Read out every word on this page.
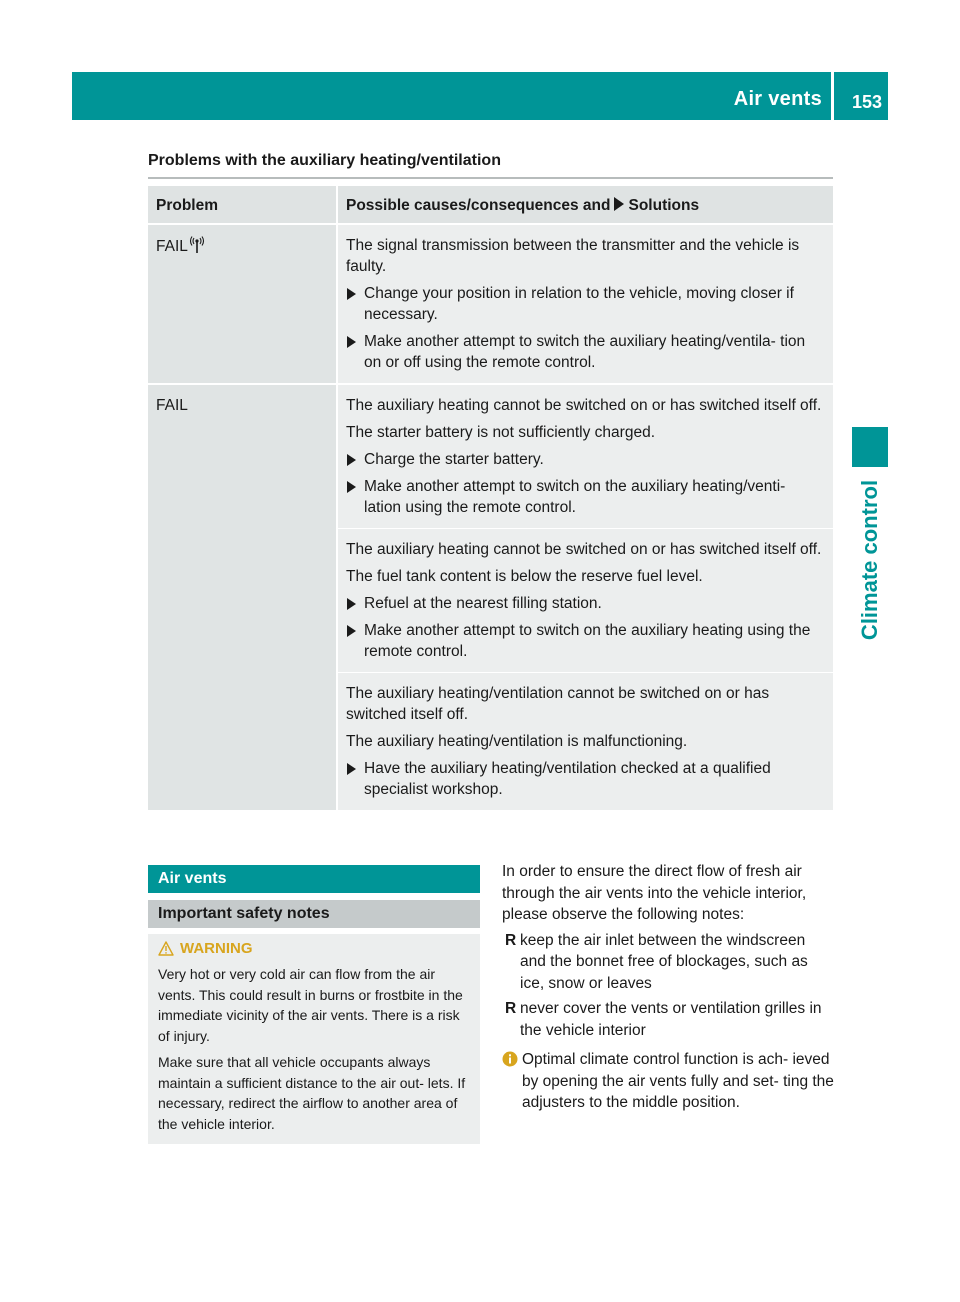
Air vents 153
Climate control
Problems with the auxiliary heating/ventilation
Problem	Possible causes/consequences and Solutions
FAIL	The signal transmission between the transmitter and the vehicle is faulty.

Change your position in relation to the vehicle, moving closer if necessary.
Make another attempt to switch the auxiliary heating/ventila- tion on or off using the remote control.

FAIL	The auxiliary heating cannot be switched on or has switched itself off.

The starter battery is not sufficiently charged.

Charge the starter battery.
Make another attempt to switch on the auxiliary heating/venti- lation using the remote control.

	The auxiliary heating cannot be switched on or has switched itself off.

The fuel tank content is below the reserve fuel level.

Refuel at the nearest filling station.
Make another attempt to switch on the auxiliary heating using the remote control.

	The auxiliary heating/ventilation cannot be switched on or has switched itself off.

The auxiliary heating/ventilation is malfunctioning.

Have the auxiliary heating/ventilation checked at a qualified specialist workshop.
Air vents
Important safety notes
WARNING

Very hot or very cold air can flow from the air vents. This could result in burns or frostbite in the immediate vicinity of the air vents. There is a risk of injury.

Make sure that all vehicle occupants always maintain a sufficient distance to the air out- lets. If necessary, redirect the airflow to another area of the vehicle interior.

In order to ensure the direct flow of fresh air through the air vents into the vehicle interior, please observe the following notes:

R keep the air inlet between the windscreen and the bonnet free of blockages, such as ice, snow or leaves
R never cover the vents or ventilation grilles in the vehicle interior
Optimal climate control function is ach- ieved by opening the air vents fully and set- ting the adjusters to the middle position.
